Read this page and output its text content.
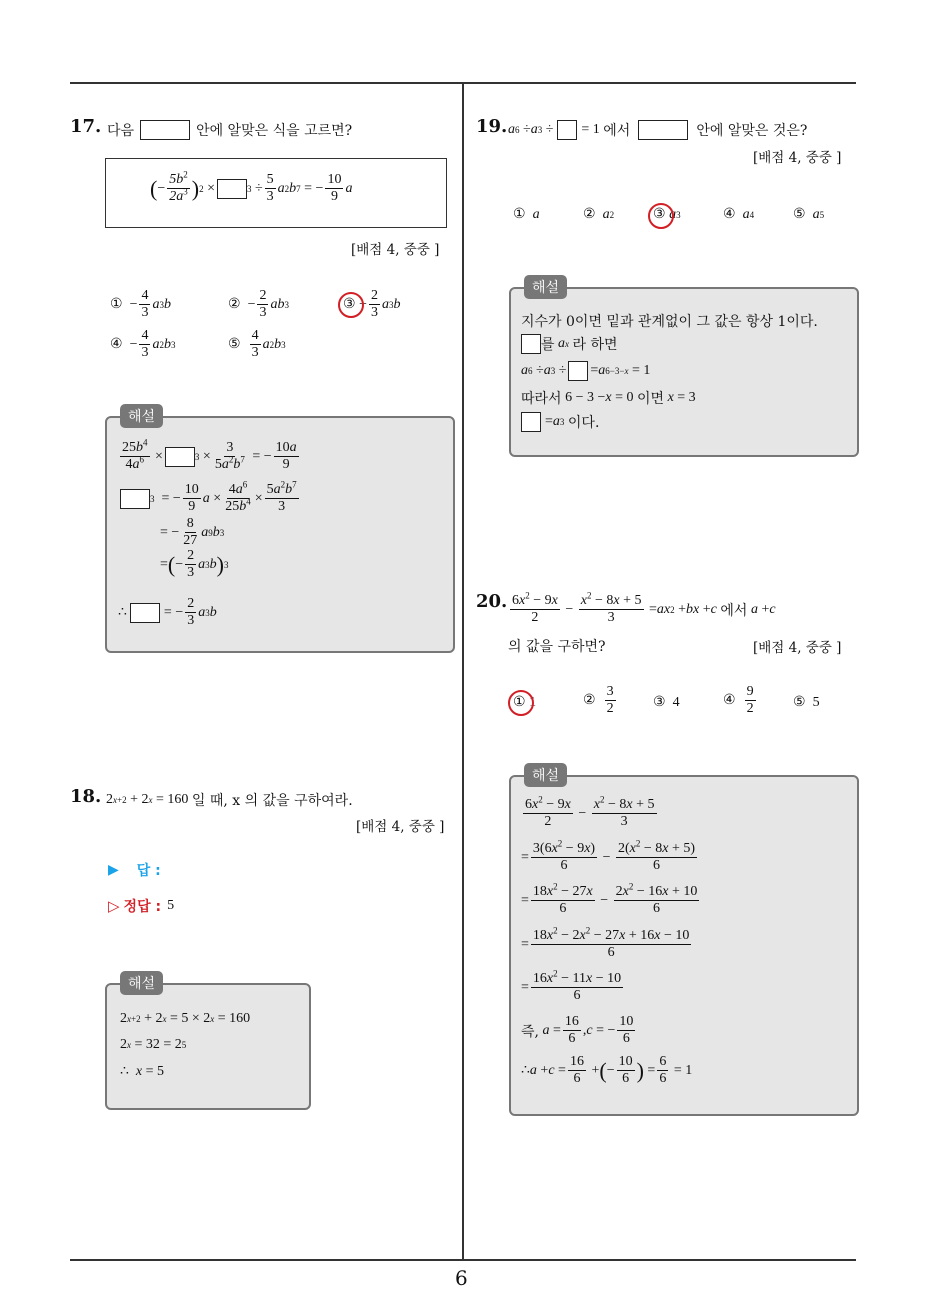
6
17. 다음	안에 알맞은 식을 고르면?
( − $\frac{5b^2}{2a^3}$ ) 2 ×	$3 \div \frac{5}{3}$ a 2 b 7 = − $\frac{10}{9}$ a
[배점 4, 중중 ]
① − $\frac{4}{3}$ a 3 b	② − $\frac{2}{3}$ ab 3	③ − $\frac{2}{3}$ a 3 b
④ − $\frac{4}{3}$ a 2 b 3	⑤
$\frac{4}{3}$ a 2 b 3
해설
$\frac{25b^4}{4a^6}$ ×	$3 \times \frac{3}{5a^2b^7}$ = − $\frac{10a}{9}$
3 = − $\frac{10}{9}$ $a \times \frac{4a^6}{25b^4} \times \frac{5a^2b^7}{3}$
= − $\frac{8}{27}$ a 9 b 3
= ( − $\frac{2}{3}$ a 3 b ) 3
∴
= − $\frac{2}{3}$ a 3 b
18. 2 x+2 + 2 x = 160 일 때, x 의 값을 구하여라.
[배점 4, 중중 ]
▶ 답 :
▷ 정답 : 5
해설
2 x+2 + 2 x = 5 × 2 x = 160
2 x = 32 = 2 5
∴ x = 5
19. a 6 ÷ a 3 ÷
= 1 에서	안에 알맞은 것은?
[배점 4, 중중 ]
①
a	②
a 2	③
a 3	④
a 4	⑤
a 5
해설
지수가 0이면 밑과 관계없이 그 값은 항상 1이다.
를
a x
라 하면
a 6 ÷ a 3 ÷
= a 6−3−x = 1
따라서 6 − 3 − x = 0 이면
x = 3
= a 3
이다.
20. $\frac{6x^2 - 9x}{2} - \frac{x^2 - 8x + 5}{3}$ = ax 2 + bx + c
에서
a + c
의 값을 구하면?	[배점 4, 중중 ]
① 1	②
$\frac{3}{2}$	③ 4	④
$\frac{9}{2}$	⑤ 5
해설
$\frac{6x^2 - 9x}{2} - \frac{x^2 - 8x + 5}{3}$
= $\frac{3(6x^2 - 9x)}{6} - \frac{2(x^2 - 8x + 5)}{6}$
= $\frac{18x^2 - 27x}{6} - \frac{2x^2 - 16x + 10}{6}$
= $\frac{18x^2 - 2x^2 - 27x + 16x - 10}{6}$
= $\frac{16x^2 - 11x - 10}{6}$
즉,
$a = \frac{16}{6}$ , c = − $\frac{10}{6}$
∴ $a + c = \frac{16}{6}$ + ( − $\frac{10}{6}$ ) = $\frac{6}{6} = 1$
